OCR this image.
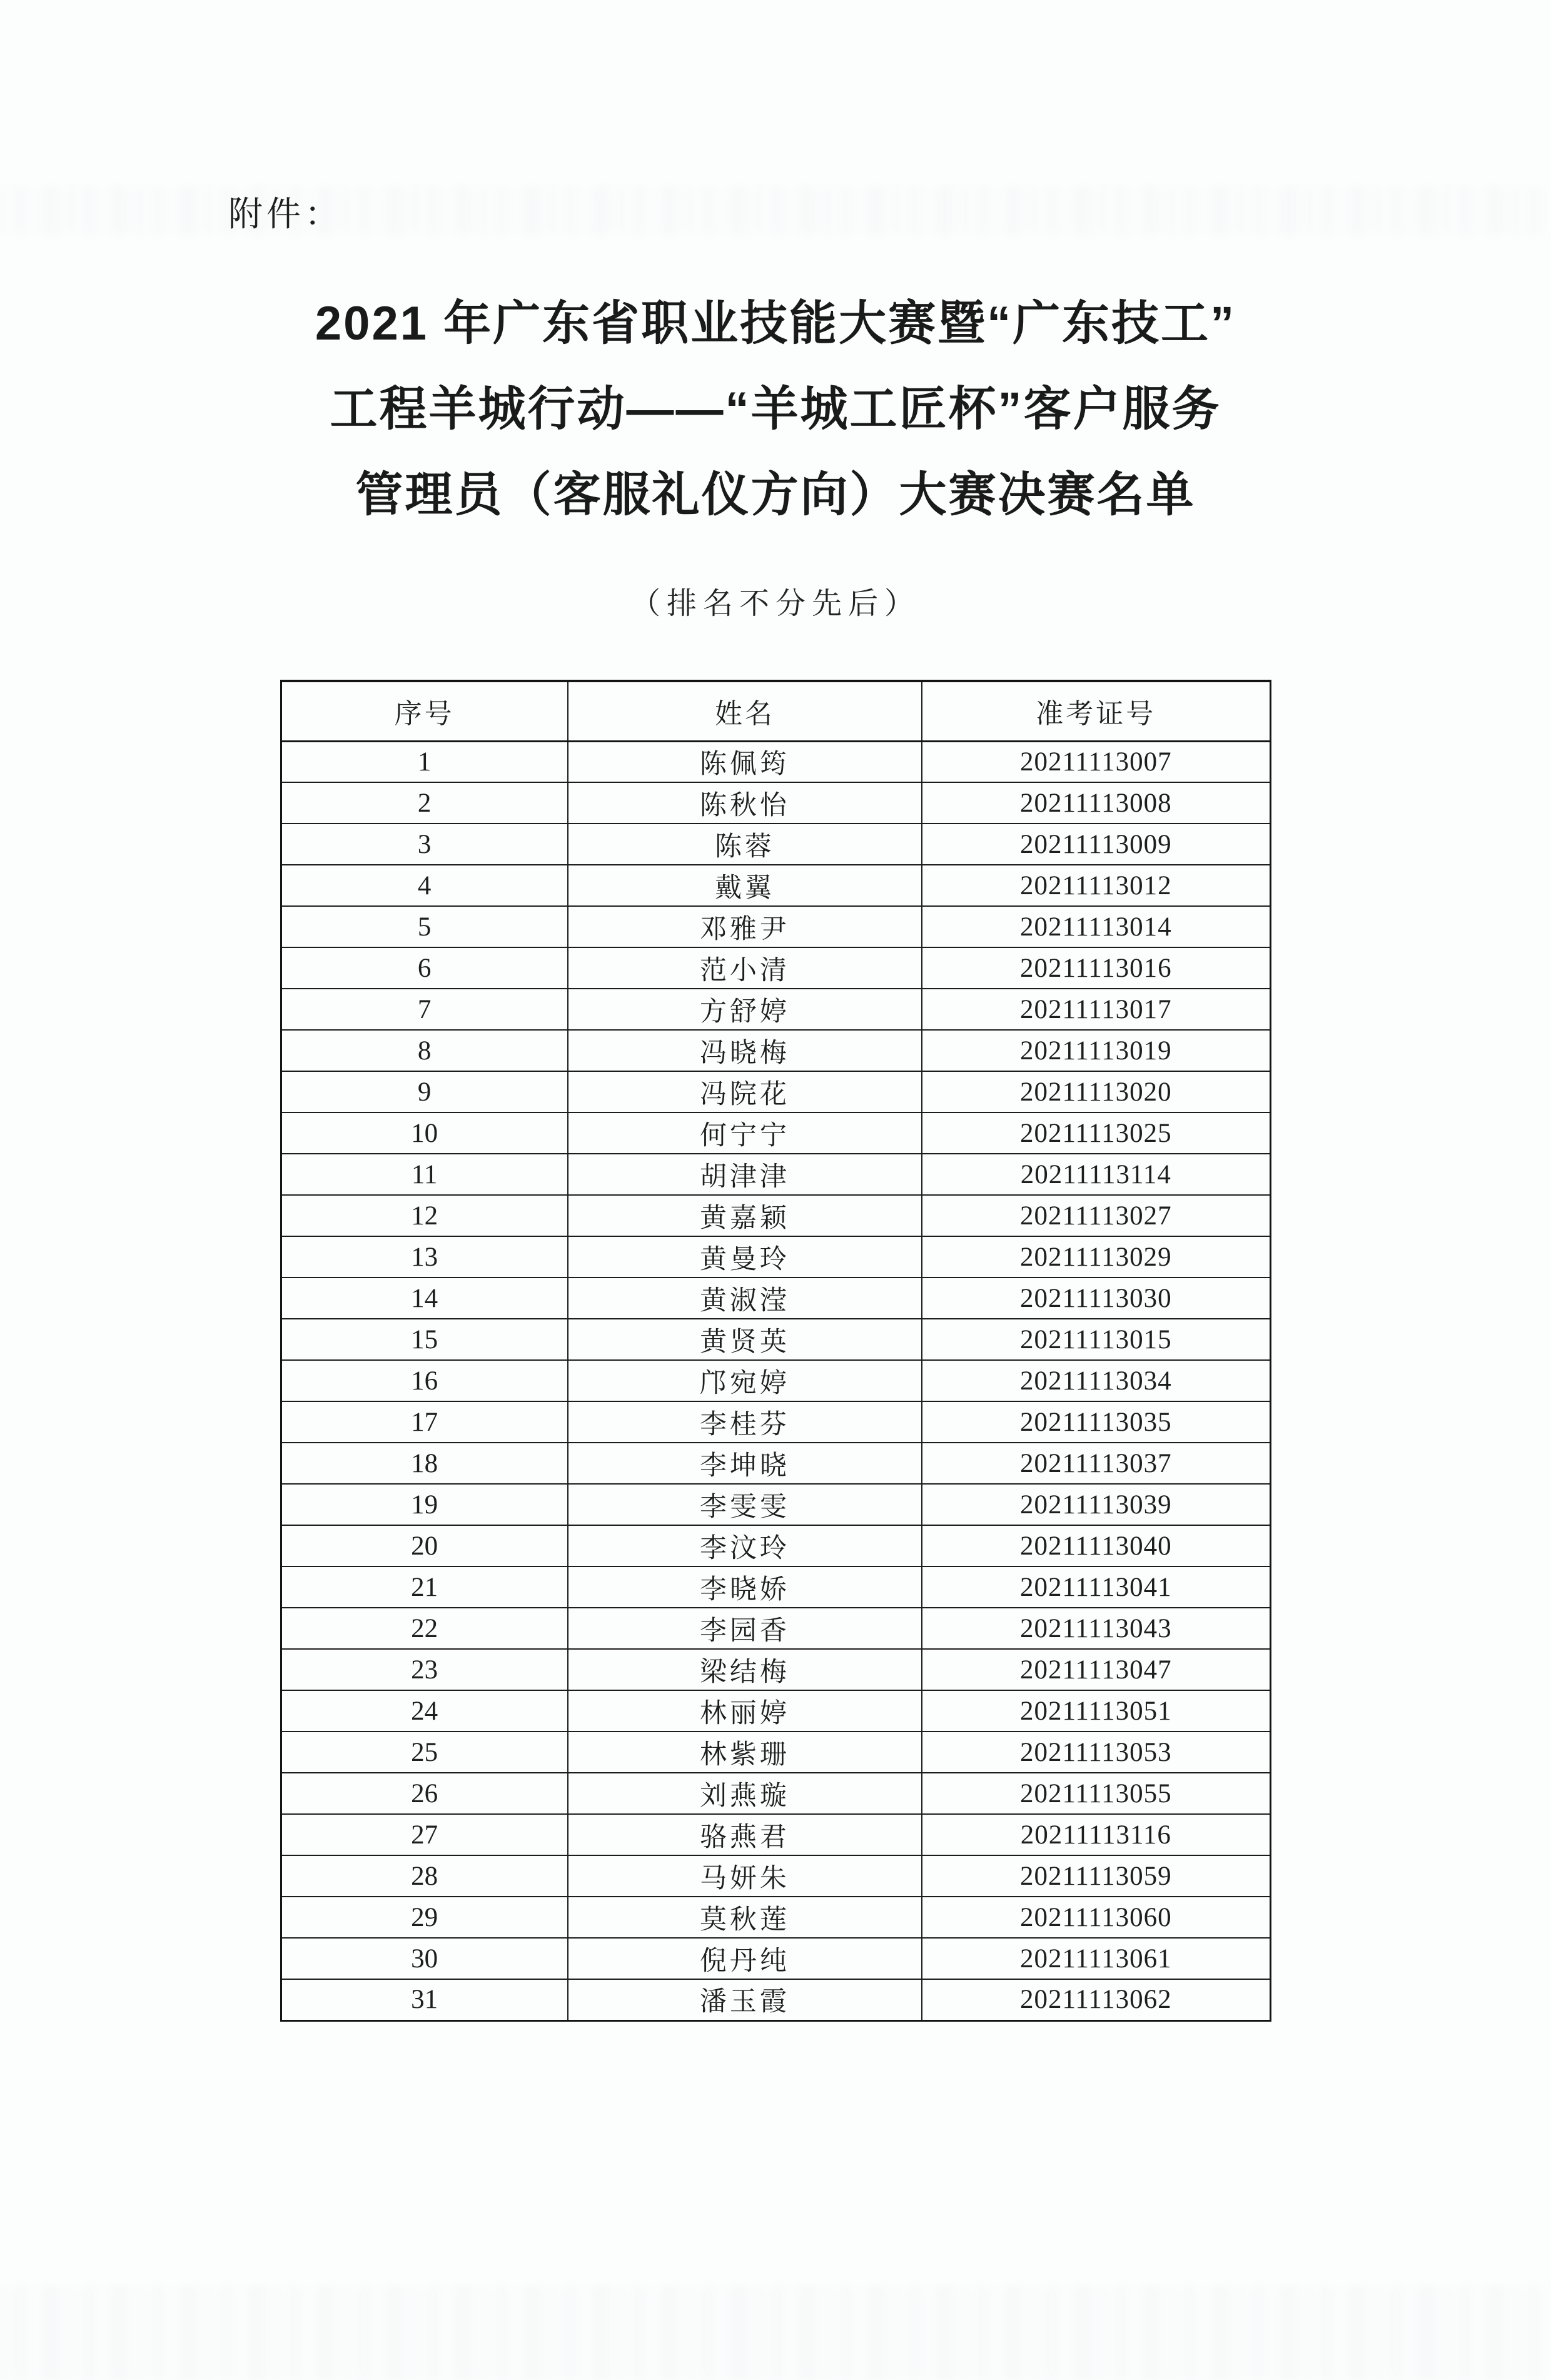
附件：
2021 年广东省职业技能大赛暨“广东技工”
工程羊城行动——“羊城工匠杯”客户服务
管理员（客服礼仪方向）大赛决赛名单
（排名不分先后）
序号	姓名	准考证号
1	陈佩筠	20211113007
2	陈秋怡	20211113008
3	陈蓉	20211113009
4	戴翼	20211113012
5	邓雅尹	20211113014
6	范小清	20211113016
7	方舒婷	20211113017
8	冯晓梅	20211113019
9	冯院花	20211113020
10	何宁宁	20211113025
11	胡津津	20211113114
12	黄嘉颖	20211113027
13	黄曼玲	20211113029
14	黄淑滢	20211113030
15	黄贤英	20211113015
16	邝宛婷	20211113034
17	李桂芬	20211113035
18	李坤晓	20211113037
19	李雯雯	20211113039
20	李汶玲	20211113040
21	李晓娇	20211113041
22	李园香	20211113043
23	梁结梅	20211113047
24	林丽婷	20211113051
25	林紫珊	20211113053
26	刘燕璇	20211113055
27	骆燕君	20211113116
28	马妍朱	20211113059
29	莫秋莲	20211113060
30	倪丹纯	20211113061
31	潘玉霞	20211113062
